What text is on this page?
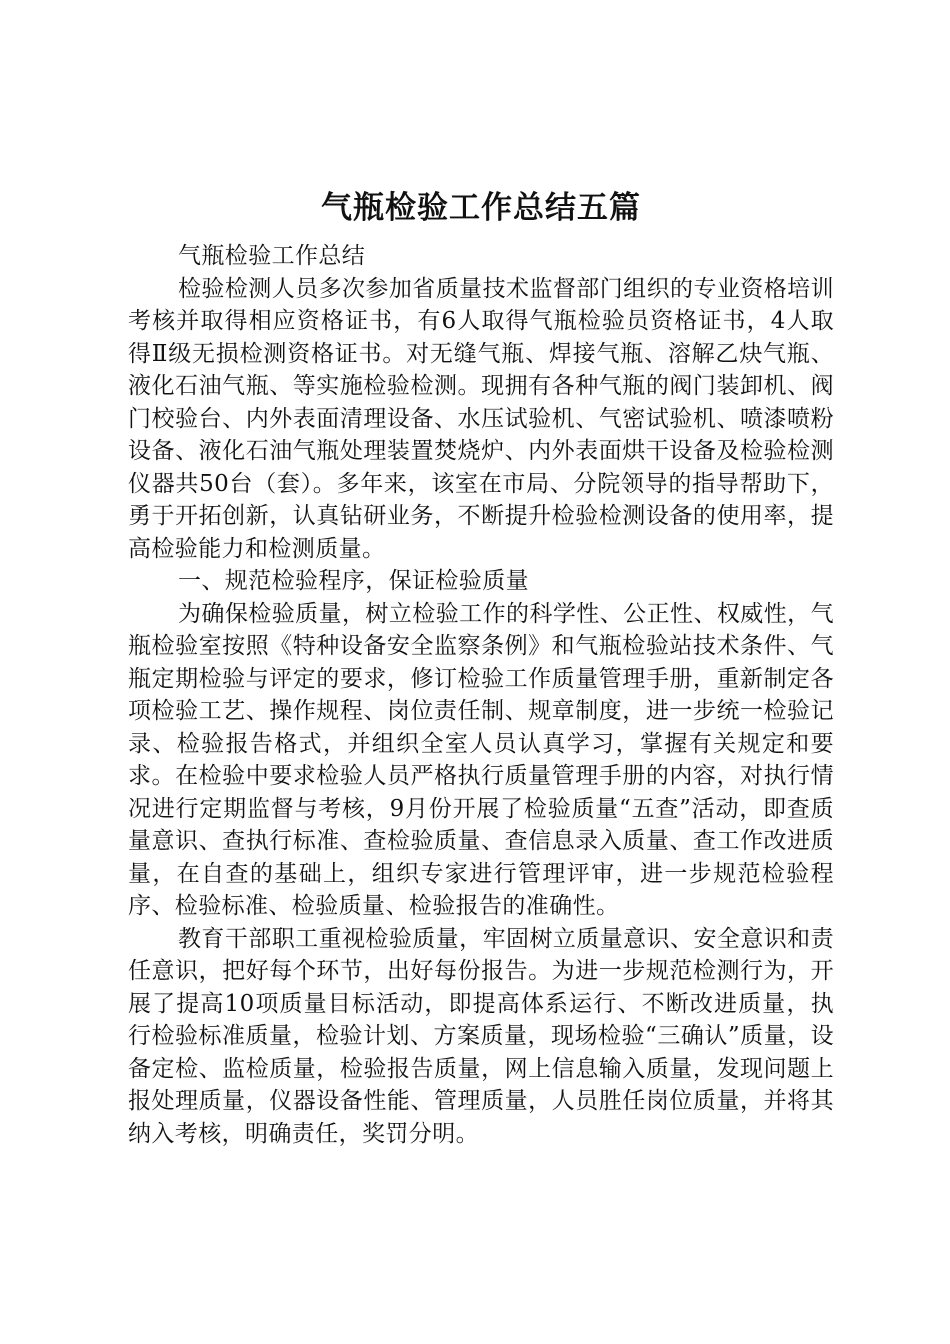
气瓶检验工作总结五篇

气瓶检验工作总结

检验检测人员多次参加省质量技术监督部门组织的专业资格培训考核并取得相应资格证书，有6人取得气瓶检验员资格证书，4人取得Ⅱ级无损检测资格证书。对无缝气瓶、焊接气瓶、溶解乙炔气瓶、液化石油气瓶、等实施检验检测。现拥有各种气瓶的阀门装卸机、阀门校验台、内外表面清理设备、水压试验机、气密试验机、喷漆喷粉设备、液化石油气瓶处理装置焚烧炉、内外表面烘干设备及检验检测仪器共50台（套）。多年来，该室在市局、分院领导的指导帮助下，勇于开拓创新，认真钻研业务，不断提升检验检测设备的使用率，提高检验能力和检测质量。

一、规范检验程序，保证检验质量

为确保检验质量，树立检验工作的科学性、公正性、权威性，气瓶检验室按照《特种设备安全监察条例》和气瓶检验站技术条件、气瓶定期检验与评定的要求，修订检验工作质量管理手册，重新制定各项检验工艺、操作规程、岗位责任制、规章制度，进一步统一检验记录、检验报告格式，并组织全室人员认真学习，掌握有关规定和要求。在检验中要求检验人员严格执行质量管理手册的内容，对执行情况进行定期监督与考核，9月份开展了检验质量“五查”活动，即查质量意识、查执行标准、查检验质量、查信息录入质量、查工作改进质量，在自查的基础上，组织专家进行管理评审，进一步规范检验程序、检验标准、检验质量、检验报告的准确性。

教育干部职工重视检验质量，牢固树立质量意识、安全意识和责任意识，把好每个环节，出好每份报告。为进一步规范检测行为，开展了提高10项质量目标活动，即提高体系运行、不断改进质量，执行检验标准质量，检验计划、方案质量，现场检验“三确认”质量，设备定检、监检质量，检验报告质量，网上信息输入质量，发现问题上报处理质量，仪器设备性能、管理质量，人员胜任岗位质量，并将其纳入考核，明确责任，奖罚分明。
